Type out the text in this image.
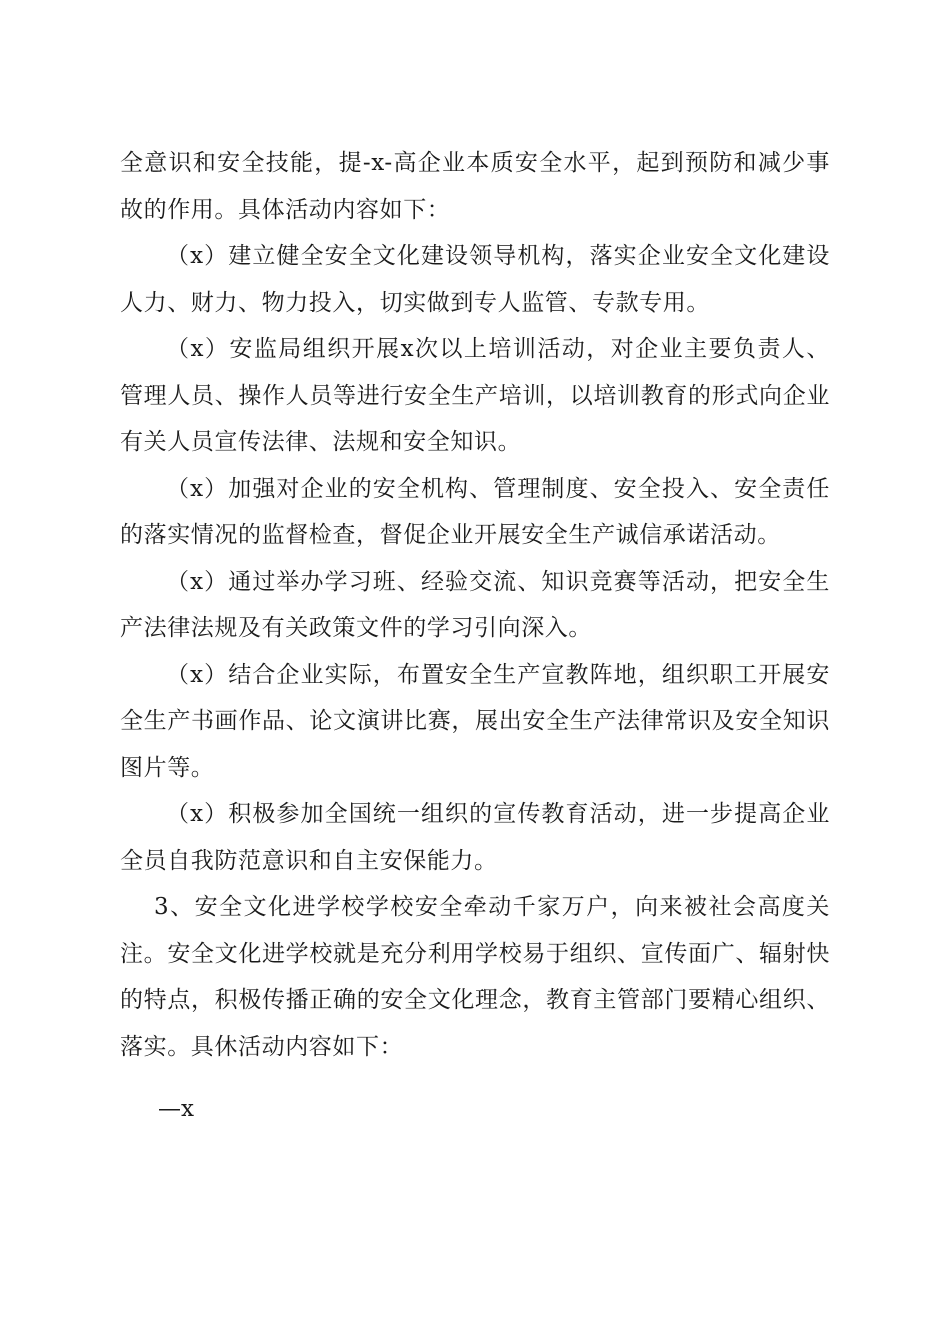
全意识和安全技能，提-x-高企业本质安全水平，起到预防和减少事故的作用。具体活动内容如下：

（x）建立健全安全文化建设领导机构，落实企业安全文化建设人力、财力、物力投入，切实做到专人监管、专款专用。

（x）安监局组织开展x次以上培训活动，对企业主要负责人、管理人员、操作人员等进行安全生产培训，以培训教育的形式向企业有关人员宣传法律、法规和安全知识。

（x）加强对企业的安全机构、管理制度、安全投入、安全责任的落实情况的监督检查，督促企业开展安全生产诚信承诺活动。

（x）通过举办学习班、经验交流、知识竞赛等活动，把安全生产法律法规及有关政策文件的学习引向深入。

（x）结合企业实际，布置安全生产宣教阵地，组织职工开展安全生产书画作品、论文演讲比赛，展出安全生产法律常识及安全知识图片等。

（x）积极参加全国统一组织的宣传教育活动，进一步提高企业全员自我防范意识和自主安保能力。

3、安全文化进学校学校安全牵动千家万户，向来被社会高度关注。安全文化进学校就是充分利用学校易于组织、宣传面广、辐射快的特点，积极传播正确的安全文化理念，教育主管部门要精心组织、落实。具休活动内容如下：

—x
